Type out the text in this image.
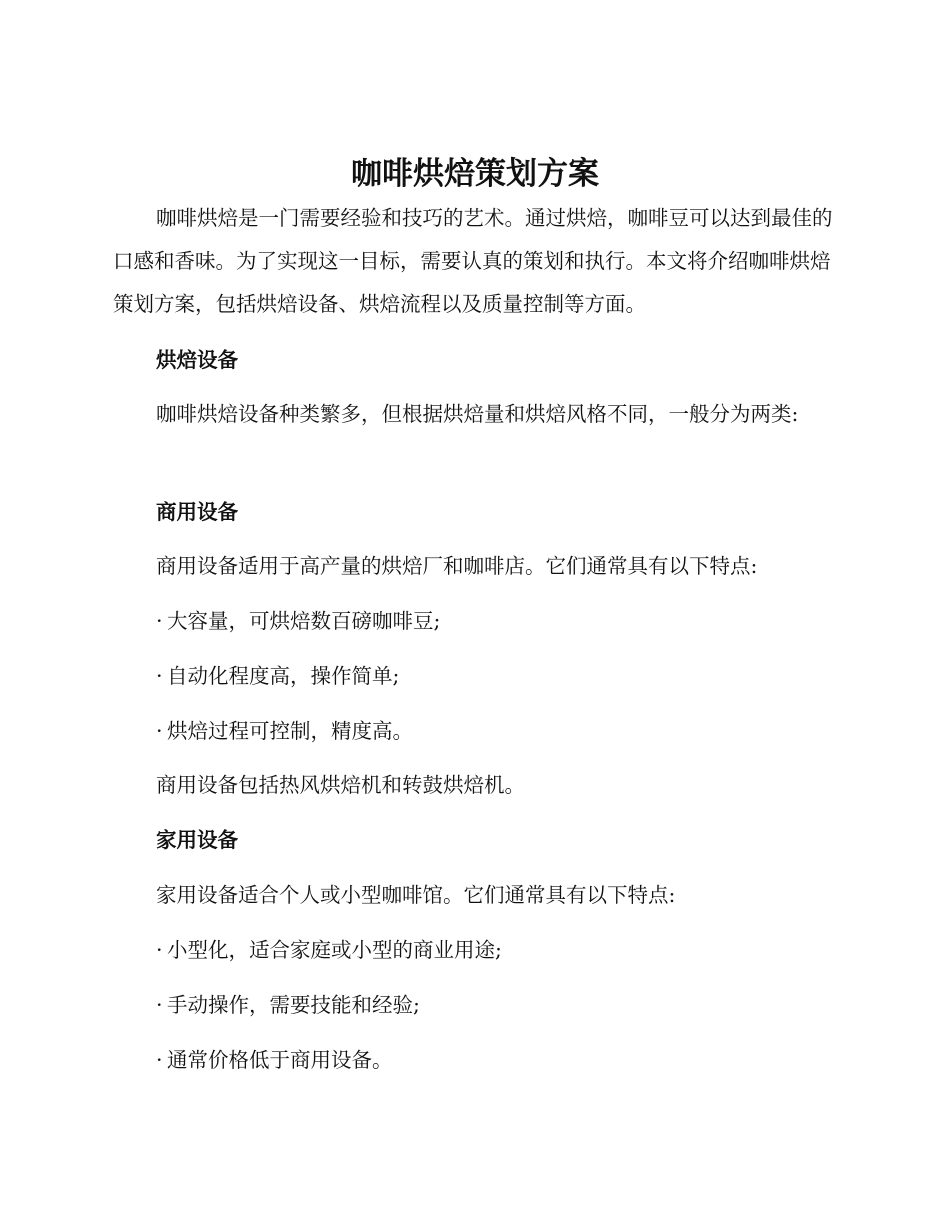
咖啡烘焙策划方案
咖啡烘焙是一门需要经验和技巧的艺术。通过烘焙，咖啡豆可以达到最佳的口感和香味。为了实现这一目标，需要认真的策划和执行。本文将介绍咖啡烘焙策划方案，包括烘焙设备、烘焙流程以及质量控制等方面。
烘焙设备
咖啡烘焙设备种类繁多，但根据烘焙量和烘焙风格不同，一般分为两类:
商用设备
商用设备适用于高产量的烘焙厂和咖啡店。它们通常具有以下特点:
· 大容量，可烘焙数百磅咖啡豆;
· 自动化程度高，操作简单;
· 烘焙过程可控制，精度高。
商用设备包括热风烘焙机和转鼓烘焙机。
家用设备
家用设备适合个人或小型咖啡馆。它们通常具有以下特点:
· 小型化，适合家庭或小型的商业用途;
· 手动操作，需要技能和经验;
· 通常价格低于商用设备。
